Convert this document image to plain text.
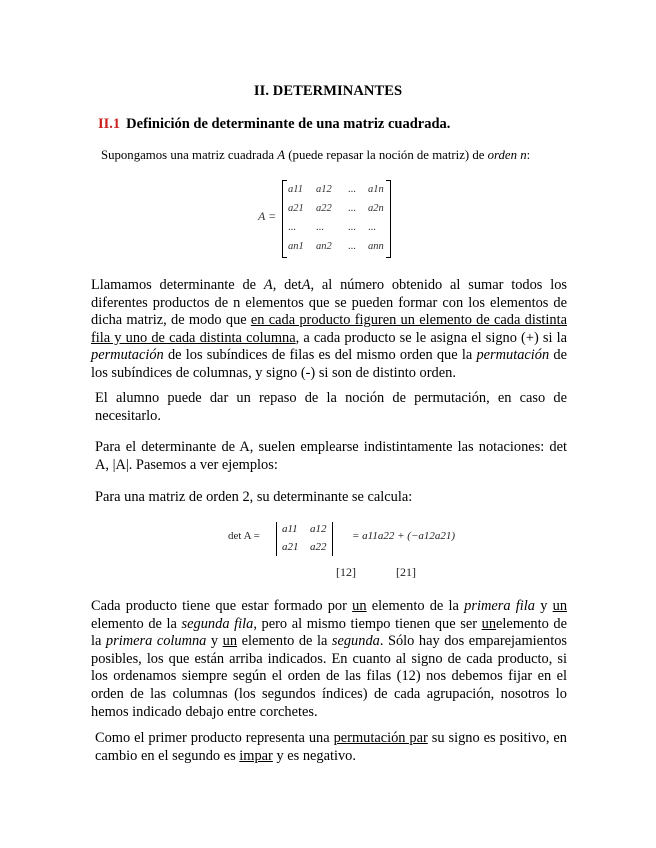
II. DETERMINANTES
II.1 Definición de determinante de una matriz cuadrada.
Supongamos una matriz cuadrada A (puede repasar la noción de matriz) de orden n:
A =
a11	a12	...	a1n
a21	a22	...	a2n
...	...	...	...
an1	an2	...	ann
Llamamos determinante de A, detA, al número obtenido al sumar todos los diferentes productos de n elementos que se pueden formar con los elementos de dicha matriz, de modo que en cada producto figuren un elemento de cada distinta fila y uno de cada distinta columna, a cada producto se le asigna el signo (+) si la permutación de los subíndices de filas es del mismo orden que la permutación de los subíndices de columnas, y signo (-) si son de distinto orden.
El alumno puede dar un repaso de la noción de permutación, en caso de necesitarlo.
Para el determinante de A, suelen emplearse indistintamente las notaciones: det A, |A|. Pasemos a ver ejemplos:
Para una matriz de orden 2, su determinante se calcula:
det A =
a11 a12
a21 a22
= a11a22 + (−a12a21)
[12]	[21]
Cada producto tiene que estar formado por un elemento de la primera fila y un elemento de la segunda fila, pero al mismo tiempo tienen que ser unelemento de la primera columna y un elemento de la segunda. Sólo hay dos emparejamientos posibles, los que están arriba indicados. En cuanto al signo de cada producto, si los ordenamos siempre según el orden de las filas (12) nos debemos fijar en el orden de las columnas (los segundos índices) de cada agrupación, nosotros lo hemos indicado debajo entre corchetes.
Como el primer producto representa una permutación par su signo es positivo, en cambio en el segundo es impar y es negativo.
